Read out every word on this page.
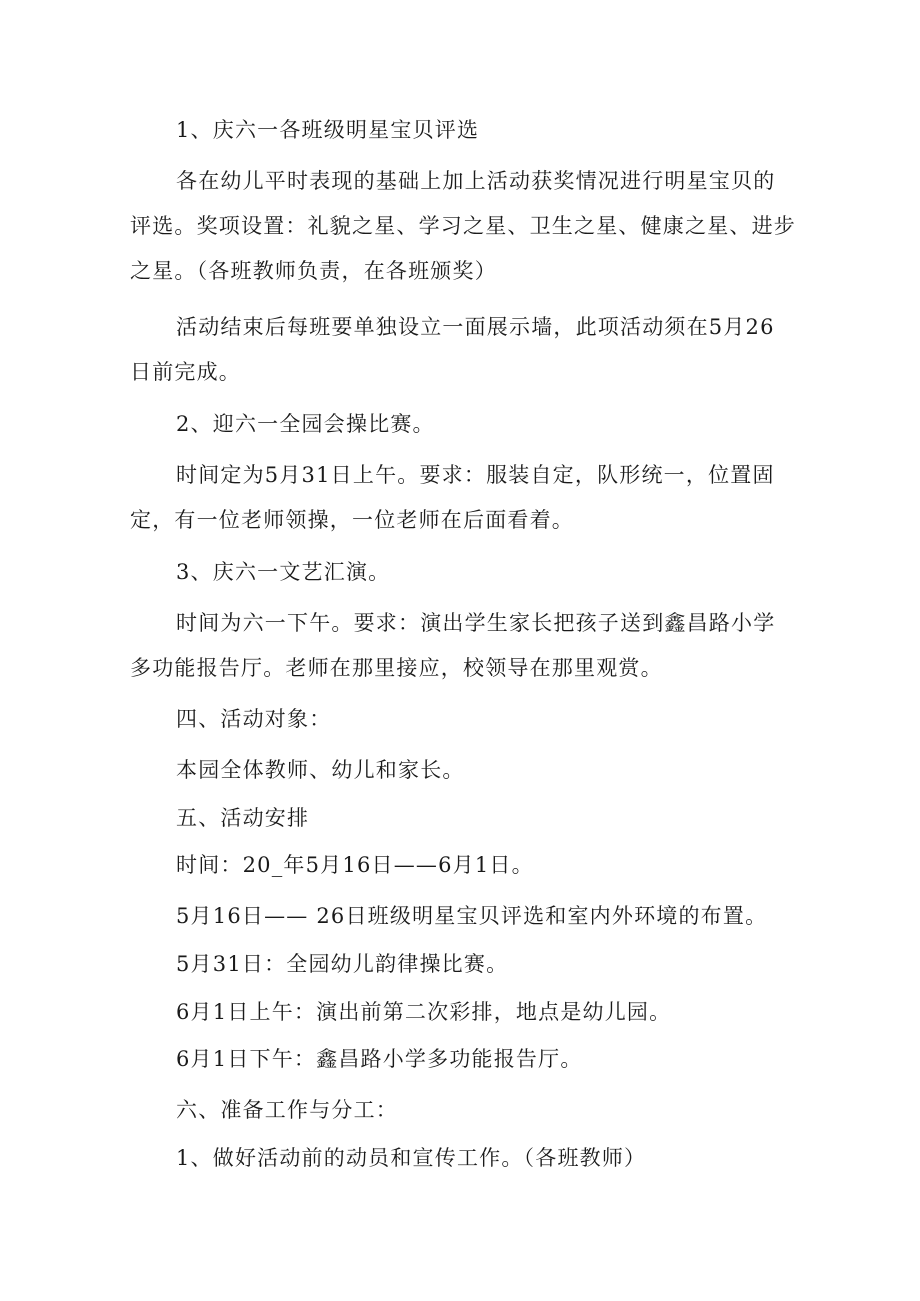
1、庆六一各班级明星宝贝评选
各在幼儿平时表现的基础上加上活动获奖情况进行明星宝贝的评选。奖项设置：礼貌之星、学习之星、卫生之星、健康之星、进步之星。（各班教师负责，在各班颁奖）
活动结束后每班要单独设立一面展示墙，此项活动须在5月26日前完成。
2、迎六一全园会操比赛。
时间定为5月31日上午。要求：服装自定，队形统一，位置固定，有一位老师领操，一位老师在后面看着。
3、庆六一文艺汇演。
时间为六一下午。要求：演出学生家长把孩子送到鑫昌路小学多功能报告厅。老师在那里接应，校领导在那里观赏。
四、活动对象：
本园全体教师、幼儿和家长。
五、活动安排
时间：20_年5月16日——6月1日。
5月16日—— 26日班级明星宝贝评选和室内外环境的布置。
5月31日：全园幼儿韵律操比赛。
6月1日上午：演出前第二次彩排，地点是幼儿园。
6月1日下午：鑫昌路小学多功能报告厅。
六、准备工作与分工：
1、做好活动前的动员和宣传工作。（各班教师）
